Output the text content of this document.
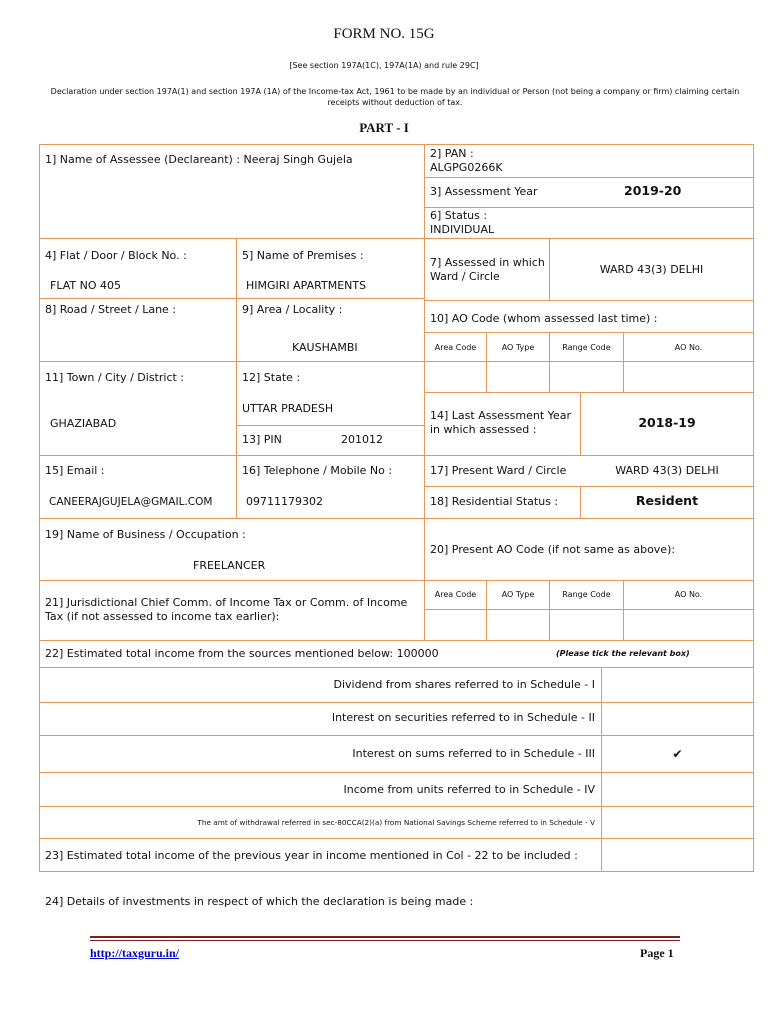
FORM NO. 15G
[See section 197A(1C), 197A(1A) and rule 29C]
Declaration under section 197A(1) and section 197A (1A) of the Income-tax Act, 1961 to be made by an individual or Person (not being a company or firm) claiming certain receipts without deduction of tax.
PART - I
1] Name of Assessee (Declareant) : Neeraj Singh Gujela	2] PAN :
ALGPG0266K
3] Assessment Year	2019-20
6] Status :
INDIVIDUAL
4] Flat / Door / Block No. :
FLAT NO 405
5] Name of Premises :
HIMGIRI APARTMENTS
7] Assessed in which Ward / Circle
WARD 43(3) DELHI
8] Road / Street / Lane :	9] Area / Locality :
KAUSHAMBI
10] AO Code (whom assessed last time) :
Area Code	AO Type	Range Code	AO No.
11] Town / City / District :
GHAZIABAD
12] State :
UTTAR PRADESH
13] PIN	201012
14] Last Assessment Year in which assessed :	2018-19
15] Email :
CANEERAJGUJELA@GMAIL.COM
16] Telephone / Mobile No :
09711179302
17] Present Ward / Circle	WARD 43(3) DELHI
18] Residential Status :	Resident
19] Name of Business / Occupation :
FREELANCER
20] Present AO Code (if not same as above):
21] Jurisdictional Chief Comm. of Income Tax or Comm. of Income Tax (if not assessed to income tax earlier):
Area Code	AO Type	Range Code	AO No.
22] Estimated total income from the sources mentioned below: 100000	(Please tick the relevant box)
Dividend from shares referred to in Schedule - I
Interest on securities referred to in Schedule - II
Interest on sums referred to in Schedule - III	✔
Income from units referred to in Schedule - IV
The amt of withdrawal referred in sec-80CCA(2)(a) from National Savings Scheme referred to in Schedule - V
23] Estimated total income of the previous year in income mentioned in Col - 22 to be included :
24] Details of investments in respect of which the declaration is being made :
http://taxguru.in/	Page 1
